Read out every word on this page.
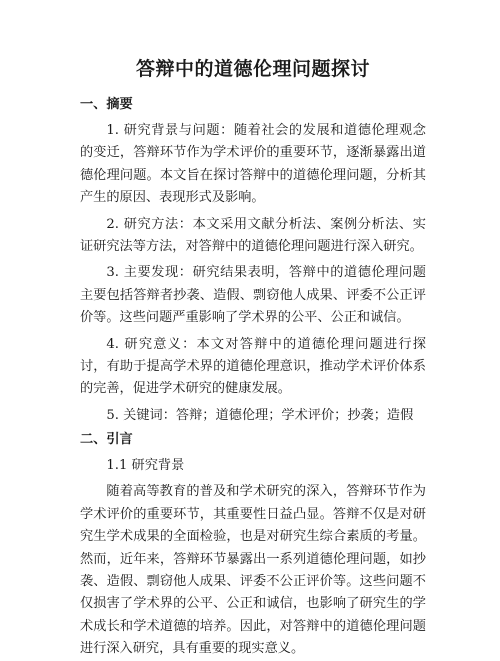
答辩中的道德伦理问题探讨
一、摘要

1. 研究背景与问题：随着社会的发展和道德伦理观念的变迁，答辩环节作为学术评价的重要环节，逐渐暴露出道德伦理问题。本文旨在探讨答辩中的道德伦理问题，分析其产生的原因、表现形式及影响。

2. 研究方法：本文采用文献分析法、案例分析法、实证研究法等方法，对答辩中的道德伦理问题进行深入研究。

3. 主要发现：研究结果表明，答辩中的道德伦理问题主要包括答辩者抄袭、造假、剽窃他人成果、评委不公正评价等。这些问题严重影响了学术界的公平、公正和诚信。

4. 研究意义：本文对答辩中的道德伦理问题进行探讨，有助于提高学术界的道德伦理意识，推动学术评价体系的完善，促进学术研究的健康发展。

5. 关键词：答辩；道德伦理；学术评价；抄袭；造假

二、引言
1.1 研究背景

随着高等教育的普及和学术研究的深入，答辩环节作为学术评价的重要环节，其重要性日益凸显。答辩不仅是对研究生学术成果的全面检验，也是对研究生综合素质的考量。然而，近年来，答辩环节暴露出一系列道德伦理问题，如抄袭、造假、剽窃他人成果、评委不公正评价等。这些问题不仅损害了学术界的公平、公正和诚信，也影响了研究生的学术成长和学术道德的培养。因此，对答辩中的道德伦理问题进行深入研究，具有重要的现实意义。
